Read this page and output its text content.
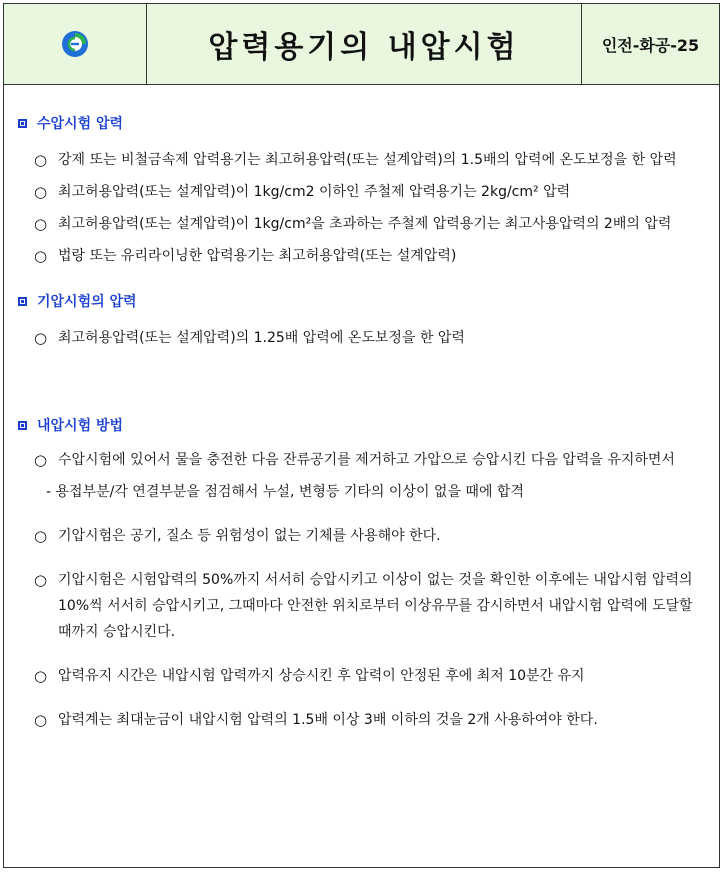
압력용기의 내압시험	인전-화공-25
수압시험 압력
○ 강제 또는 비철금속제 압력용기는 최고허용압력(또는 설계압력)의 1.5배의 압력에 온도보정을 한 압력
○ 최고허용압력(또는 설계압력)이 1kg/cm2 이하인 주철제 압력용기는 2kg/cm² 압력
○ 최고허용압력(또는 설계압력)이 1kg/cm²을 초과하는 주철제 압력용기는 최고사용압력의 2배의 압력
○ 법랑 또는 유리라이닝한 압력용기는 최고허용압력(또는 설계압력)
기압시험의 압력
○ 최고허용압력(또는 설계압력)의 1.25배 압력에 온도보정을 한 압력
내압시험 방법
○ 수압시험에 있어서 물을 충전한 다음 잔류공기를 제거하고 가압으로 승압시킨 다음 압력을 유지하면서
- 용접부분/각 연결부분을 점검해서 누설, 변형등 기타의 이상이 없을 때에 합격
○ 기압시험은 공기, 질소 등 위험성이 없는 기체를 사용해야 한다.
○ 기압시험은 시험압력의 50%까지 서서히 승압시키고 이상이 없는 것을 확인한 이후에는 내압시험 압력의 10%씩 서서히 승압시키고, 그때마다 안전한 위치로부터 이상유무를 감시하면서 내압시험 압력에 도달할 때까지 승압시킨다.
○ 압력유지 시간은 내압시험 압력까지 상승시킨 후 압력이 안정된 후에 최저 10분간 유지
○ 압력계는 최대눈금이 내압시험 압력의 1.5배 이상 3배 이하의 것을 2개 사용하여야 한다.
